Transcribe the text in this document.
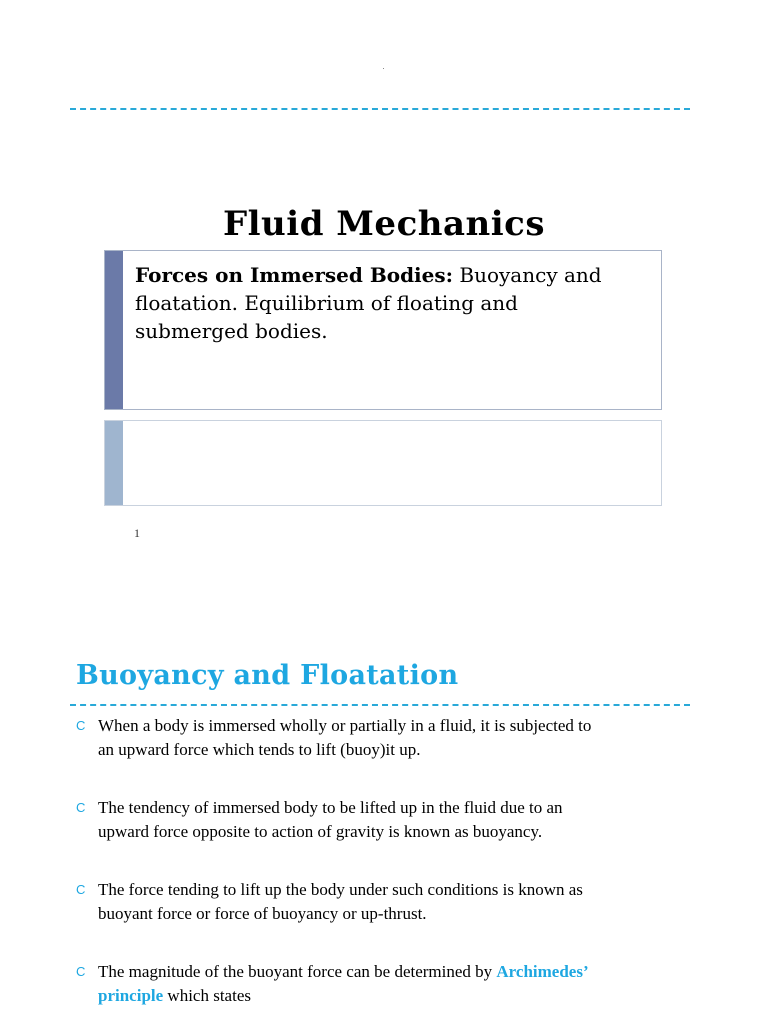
Fluid Mechanics
Forces on Immersed Bodies: Buoyancy and
floatation. Equilibrium of floating and
submerged bodies.
1
Buoyancy and Floatation
C When a body is immersed wholly or partially in a fluid, it is subjected to
an upward force which tends to lift (buoy)it up.
C The tendency of immersed body to be lifted up in the fluid due to an
upward force opposite to action of gravity is known as buoyancy.
C The force tending to lift up the body under such conditions is known as
buoyant force or force of buoyancy or up-thrust.
C The magnitude of the buoyant force can be determined by Archimedes’
principle which states
